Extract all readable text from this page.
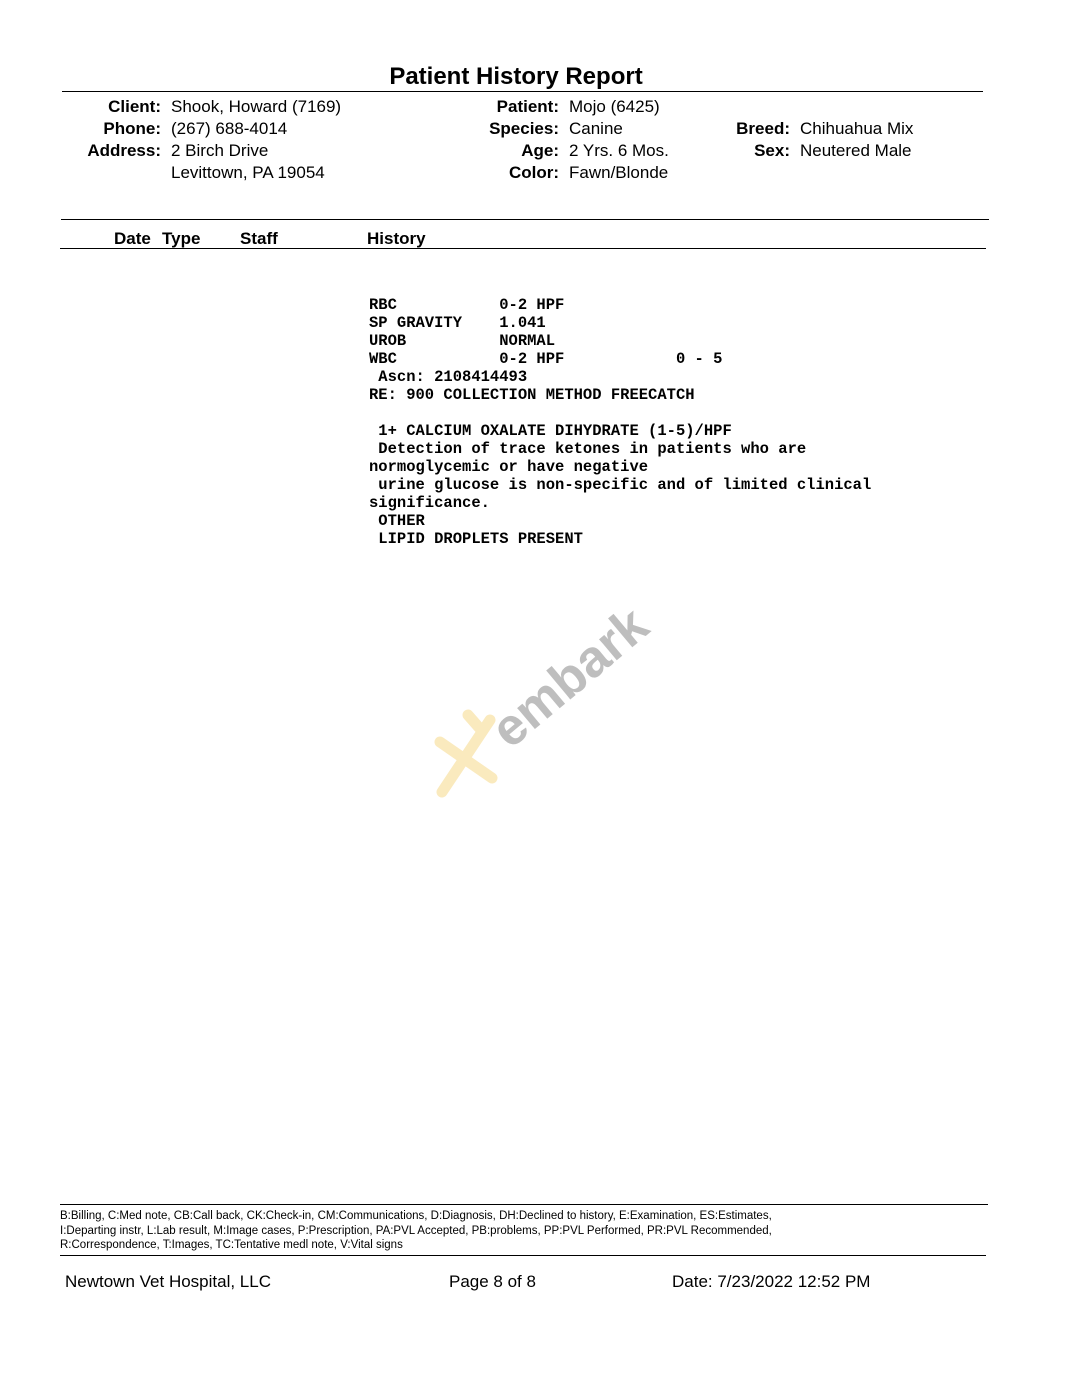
Patient History Report
Client: Shook, Howard (7169)
Phone: (267) 688-4014
Address: 2 Birch Drive
Levittown, PA 19054
Patient: Mojo (6425)
Species: Canine
Age: 2 Yrs. 6 Mos.
Color: Fawn/Blonde
Breed: Chihuahua Mix
Sex: Neutered Male
Date Type Staff	History
RBC           0-2 HPF
SP GRAVITY    1.041
UROB          NORMAL
WBC           0-2 HPF            0 - 5
Ascn: 2108414493
RE: 900 COLLECTION METHOD FREECATCH
1+ CALCIUM OXALATE DIHYDRATE (1-5)/HPF
Detection of trace ketones in patients who are
normoglycemic or have negative
urine glucose is non-specific and of limited clinical
significance.
OTHER
LIPID DROPLETS PRESENT
embark
B:Billing, C:Med note, CB:Call back, CK:Check-in, CM:Communications, D:Diagnosis, DH:Declined to history, E:Examination, ES:Estimates,
I:Departing instr, L:Lab result, M:Image cases, P:Prescription, PA:PVL Accepted, PB:problems, PP:PVL Performed, PR:PVL Recommended,
R:Correspondence, T:Images, TC:Tentative medl note, V:Vital signs
Newtown Vet Hospital, LLC	Page 8 of 8	Date: 7/23/2022 12:52 PM
